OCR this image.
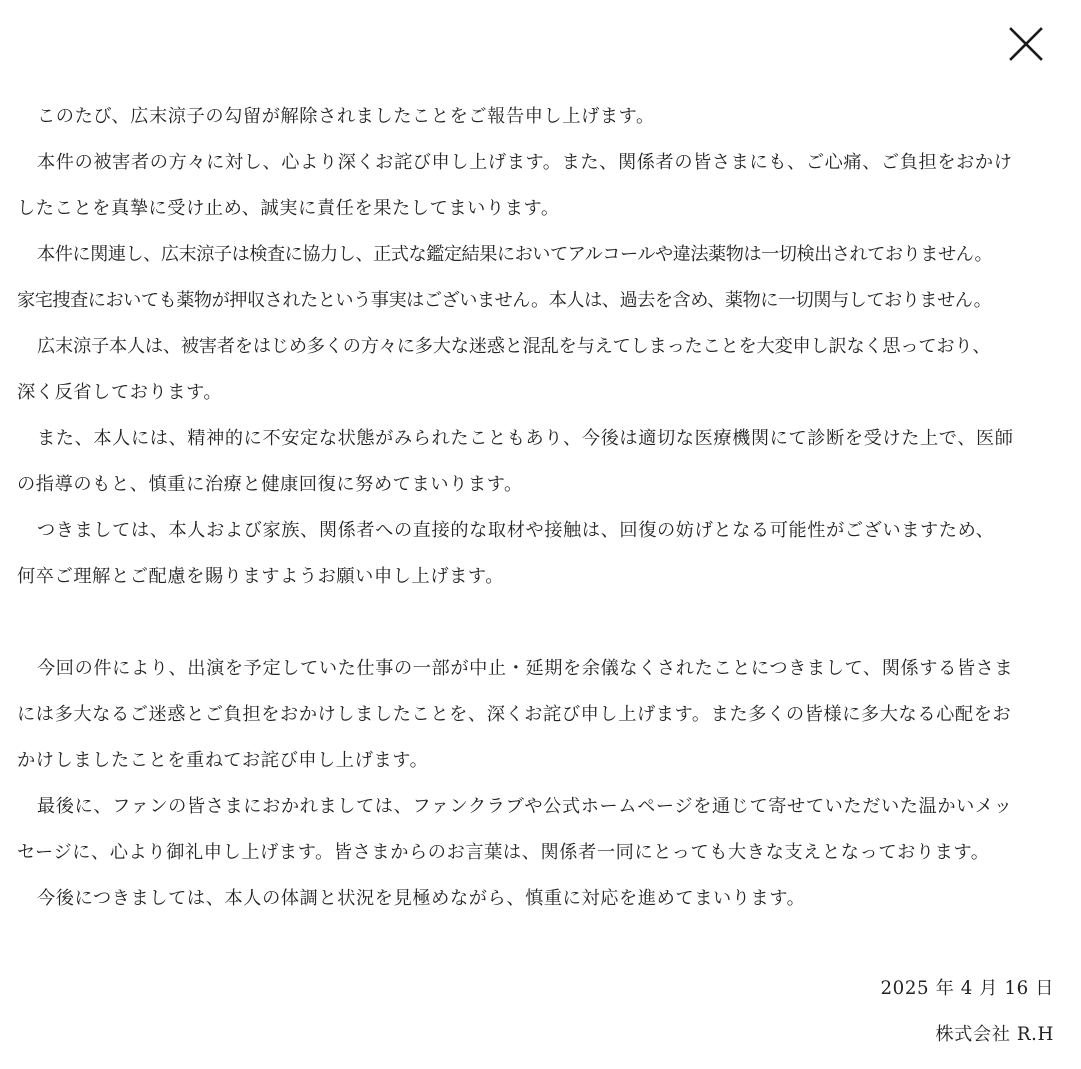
このたび、広末涼子の勾留が解除されましたことをご報告申し上げます。
本件の被害者の方々に対し、心より深くお詫び申し上げます。また、関係者の皆さまにも、ご心痛、ご負担をおかけ
したことを真摯に受け止め、誠実に責任を果たしてまいります。
本件に関連し、広末涼子は検査に協力し、正式な鑑定結果においてアルコールや違法薬物は一切検出されておりません。
家宅捜査においても薬物が押収されたという事実はございません。本人は、過去を含め、薬物に一切関与しておりません。
広末涼子本人は、被害者をはじめ多くの方々に多大な迷惑と混乱を与えてしまったことを大変申し訳なく思っており、
深く反省しております。
また、本人には、精神的に不安定な状態がみられたこともあり、今後は適切な医療機関にて診断を受けた上で、医師
の指導のもと、慎重に治療と健康回復に努めてまいります。
つきましては、本人および家族、関係者への直接的な取材や接触は、回復の妨げとなる可能性がございますため、
何卒ご理解とご配慮を賜りますようお願い申し上げます。
今回の件により、出演を予定していた仕事の一部が中止・延期を余儀なくされたことにつきまして、関係する皆さま
には多大なるご迷惑とご負担をおかけしましたことを、深くお詫び申し上げます。また多くの皆様に多大なる心配をお
かけしましたことを重ねてお詫び申し上げます。
最後に、ファンの皆さまにおかれましては、ファンクラブや公式ホームページを通じて寄せていただいた温かいメッ
セージに、心より御礼申し上げます。皆さまからのお言葉は、関係者一同にとっても大きな支えとなっております。
今後につきましては、本人の体調と状況を見極めながら、慎重に対応を進めてまいります。
2025 年 4 月 16 日
株式会社 R.H
